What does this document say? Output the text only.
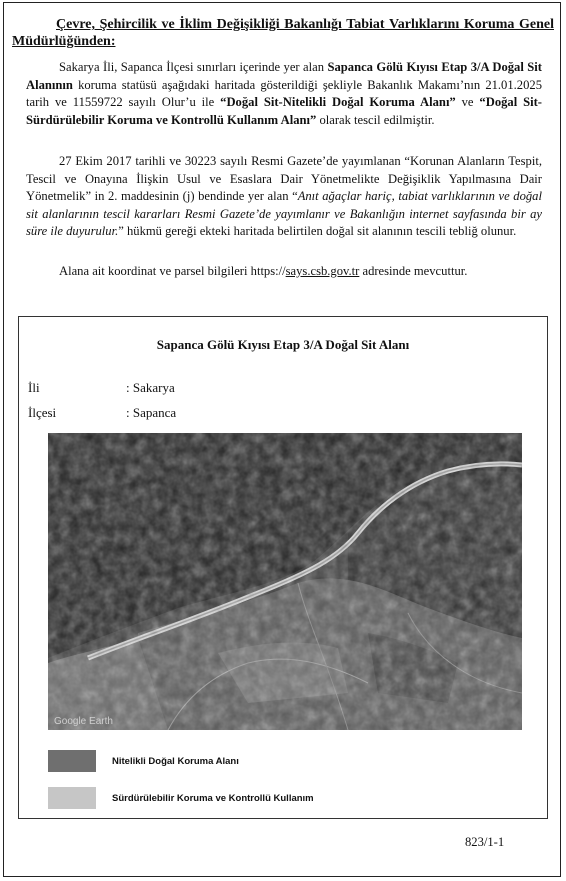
Çevre, Şehircilik ve İklim Değişikliği Bakanlığı Tabiat Varlıklarını Koruma Genel
Müdürlüğünden:
Sakarya İli, Sapanca İlçesi sınırları içerinde yer alan Sapanca Gölü Kıyısı Etap 3/A Doğal Sit Alanının koruma statüsü aşağıdaki haritada gösterildiği şekliyle Bakanlık Makamı’nın 21.01.2025 tarih ve 11559722 sayılı Olur’u ile “Doğal Sit-Nitelikli Doğal Koruma Alanı” ve “Doğal Sit-Sürdürülebilir Koruma ve Kontrollü Kullanım Alanı” olarak tescil edilmiştir.
27 Ekim 2017 tarihli ve 30223 sayılı Resmi Gazete’de yayımlanan “Korunan Alanların Tespit, Tescil ve Onayına İlişkin Usul ve Esaslara Dair Yönetmelikte Değişiklik Yapılmasına Dair Yönetmelik” in 2. maddesinin (j) bendinde yer alan “Anıt ağaçlar hariç, tabiat varlıklarının ve doğal sit alanlarının tescil kararları Resmi Gazete’de yayımlanır ve Bakanlığın internet sayfasında bir ay süre ile duyurulur.” hükmü gereği ekteki haritada belirtilen doğal sit alanının tescili tebliğ olunur.
Alana ait koordinat ve parsel bilgileri https://says.csb.gov.tr adresinde mevcuttur.
Sapanca Gölü Kıyısı Etap 3/A Doğal Sit Alanı
İli	: Sakarya
İlçesi	: Sapanca
Google Earth
Nitelikli Doğal Koruma Alanı
Sürdürülebilir Koruma ve Kontrollü Kullanım
823/1-1
